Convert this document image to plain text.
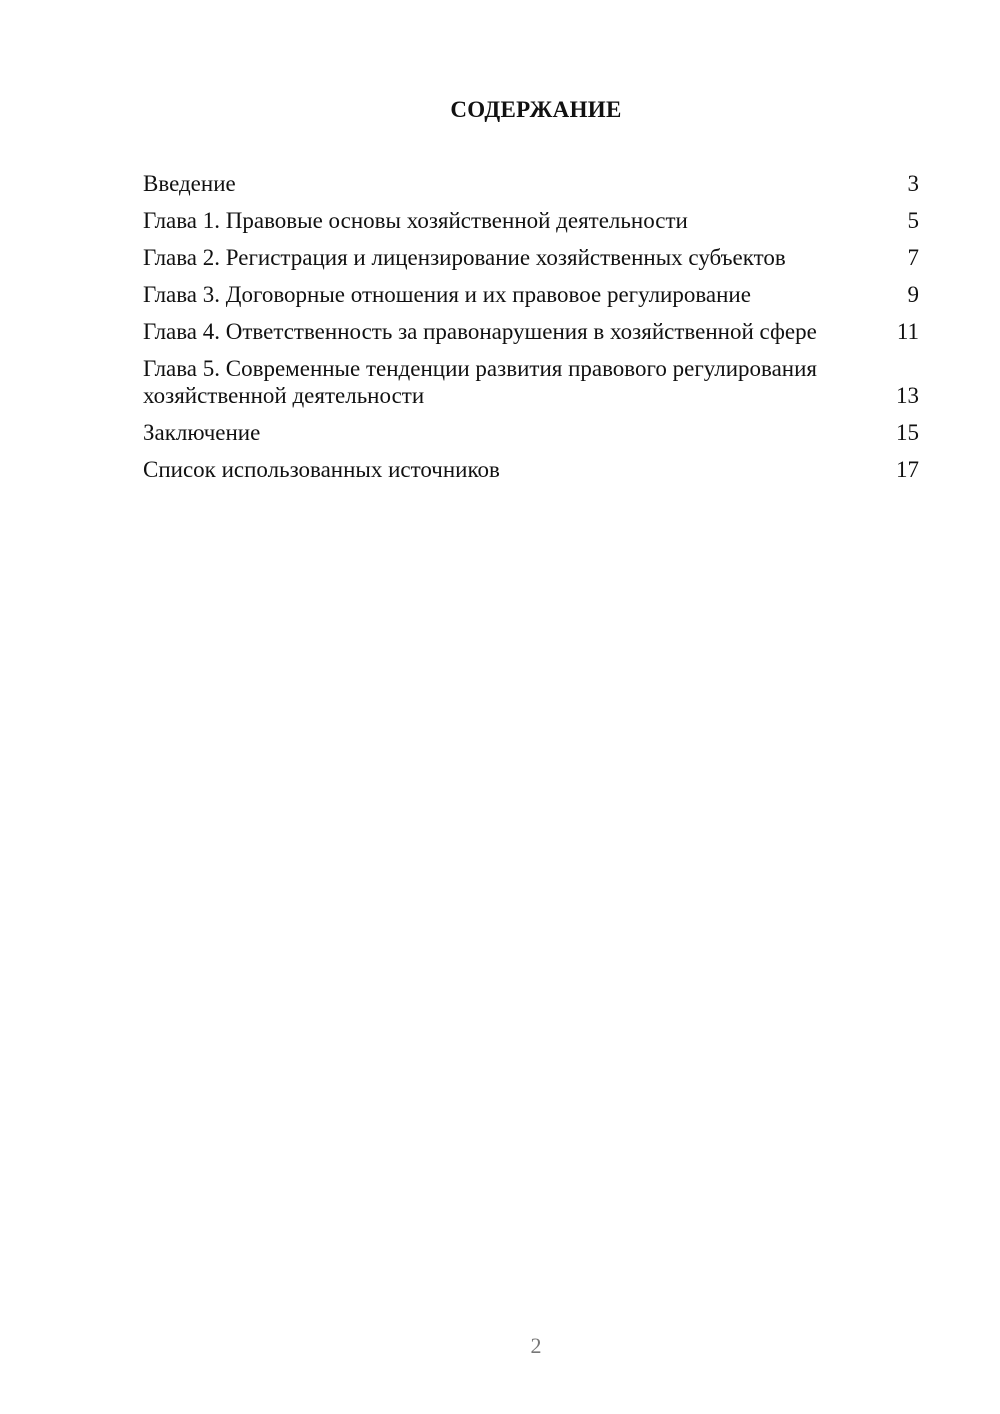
СОДЕРЖАНИЕ
Введение	3
Глава 1. Правовые основы хозяйственной деятельности	5
Глава 2. Регистрация и лицензирование хозяйственных субъектов	7
Глава 3. Договорные отношения и их правовое регулирование	9
Глава 4. Ответственность за правонарушения в хозяйственной сфере	11
Глава 5. Современные тенденции развития правового регулирования хозяйственной деятельности	13
Заключение	15
Список использованных источников	17
2
